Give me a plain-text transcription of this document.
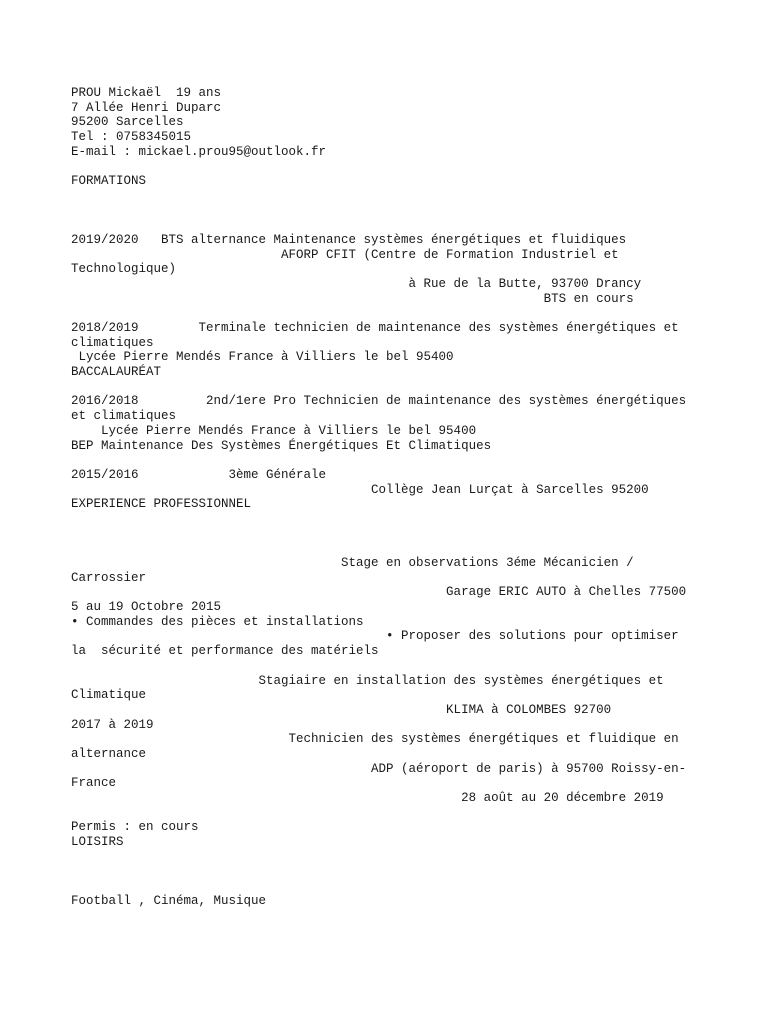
PROU Mickaël  19 ans
7 Allée Henri Duparc
95200 Sarcelles
Tel : 0758345015
E-mail : mickael.prou95@outlook.fr
FORMATIONS
2019/2020   BTS alternance Maintenance systèmes énergétiques et fluidiques
AFORP CFIT (Centre de Formation Industriel et
Technologique)
à Rue de la Butte, 93700 Drancy
BTS en cours
2018/2019        Terminale technicien de maintenance des systèmes énergétiques et
climatiques
Lycée Pierre Mendés France à Villiers le bel 95400
BACCALAURÉAT
2016/2018         2nd/1ere Pro Technicien de maintenance des systèmes énergétiques
et climatiques
Lycée Pierre Mendés France à Villiers le bel 95400
BEP Maintenance Des Systèmes Énergétiques Et Climatiques
2015/2016            3ème Générale
Collège Jean Lurçat à Sarcelles 95200
EXPERIENCE PROFESSIONNEL
Stage en observations 3éme Mécanicien /
Carrossier
Garage ERIC AUTO à Chelles 77500
5 au 19 Octobre 2015
• Commandes des pièces et installations
• Proposer des solutions pour optimiser
la  sécurité et performance des matériels
Stagiaire en installation des systèmes énergétiques et
Climatique
KLIMA à COLOMBES 92700
2017 à 2019
Technicien des systèmes énergétiques et fluidique en
alternance
ADP (aéroport de paris) à 95700 Roissy-en-
France
28 août au 20 décembre 2019
Permis : en cours
LOISIRS
Football , Cinéma, Musique
